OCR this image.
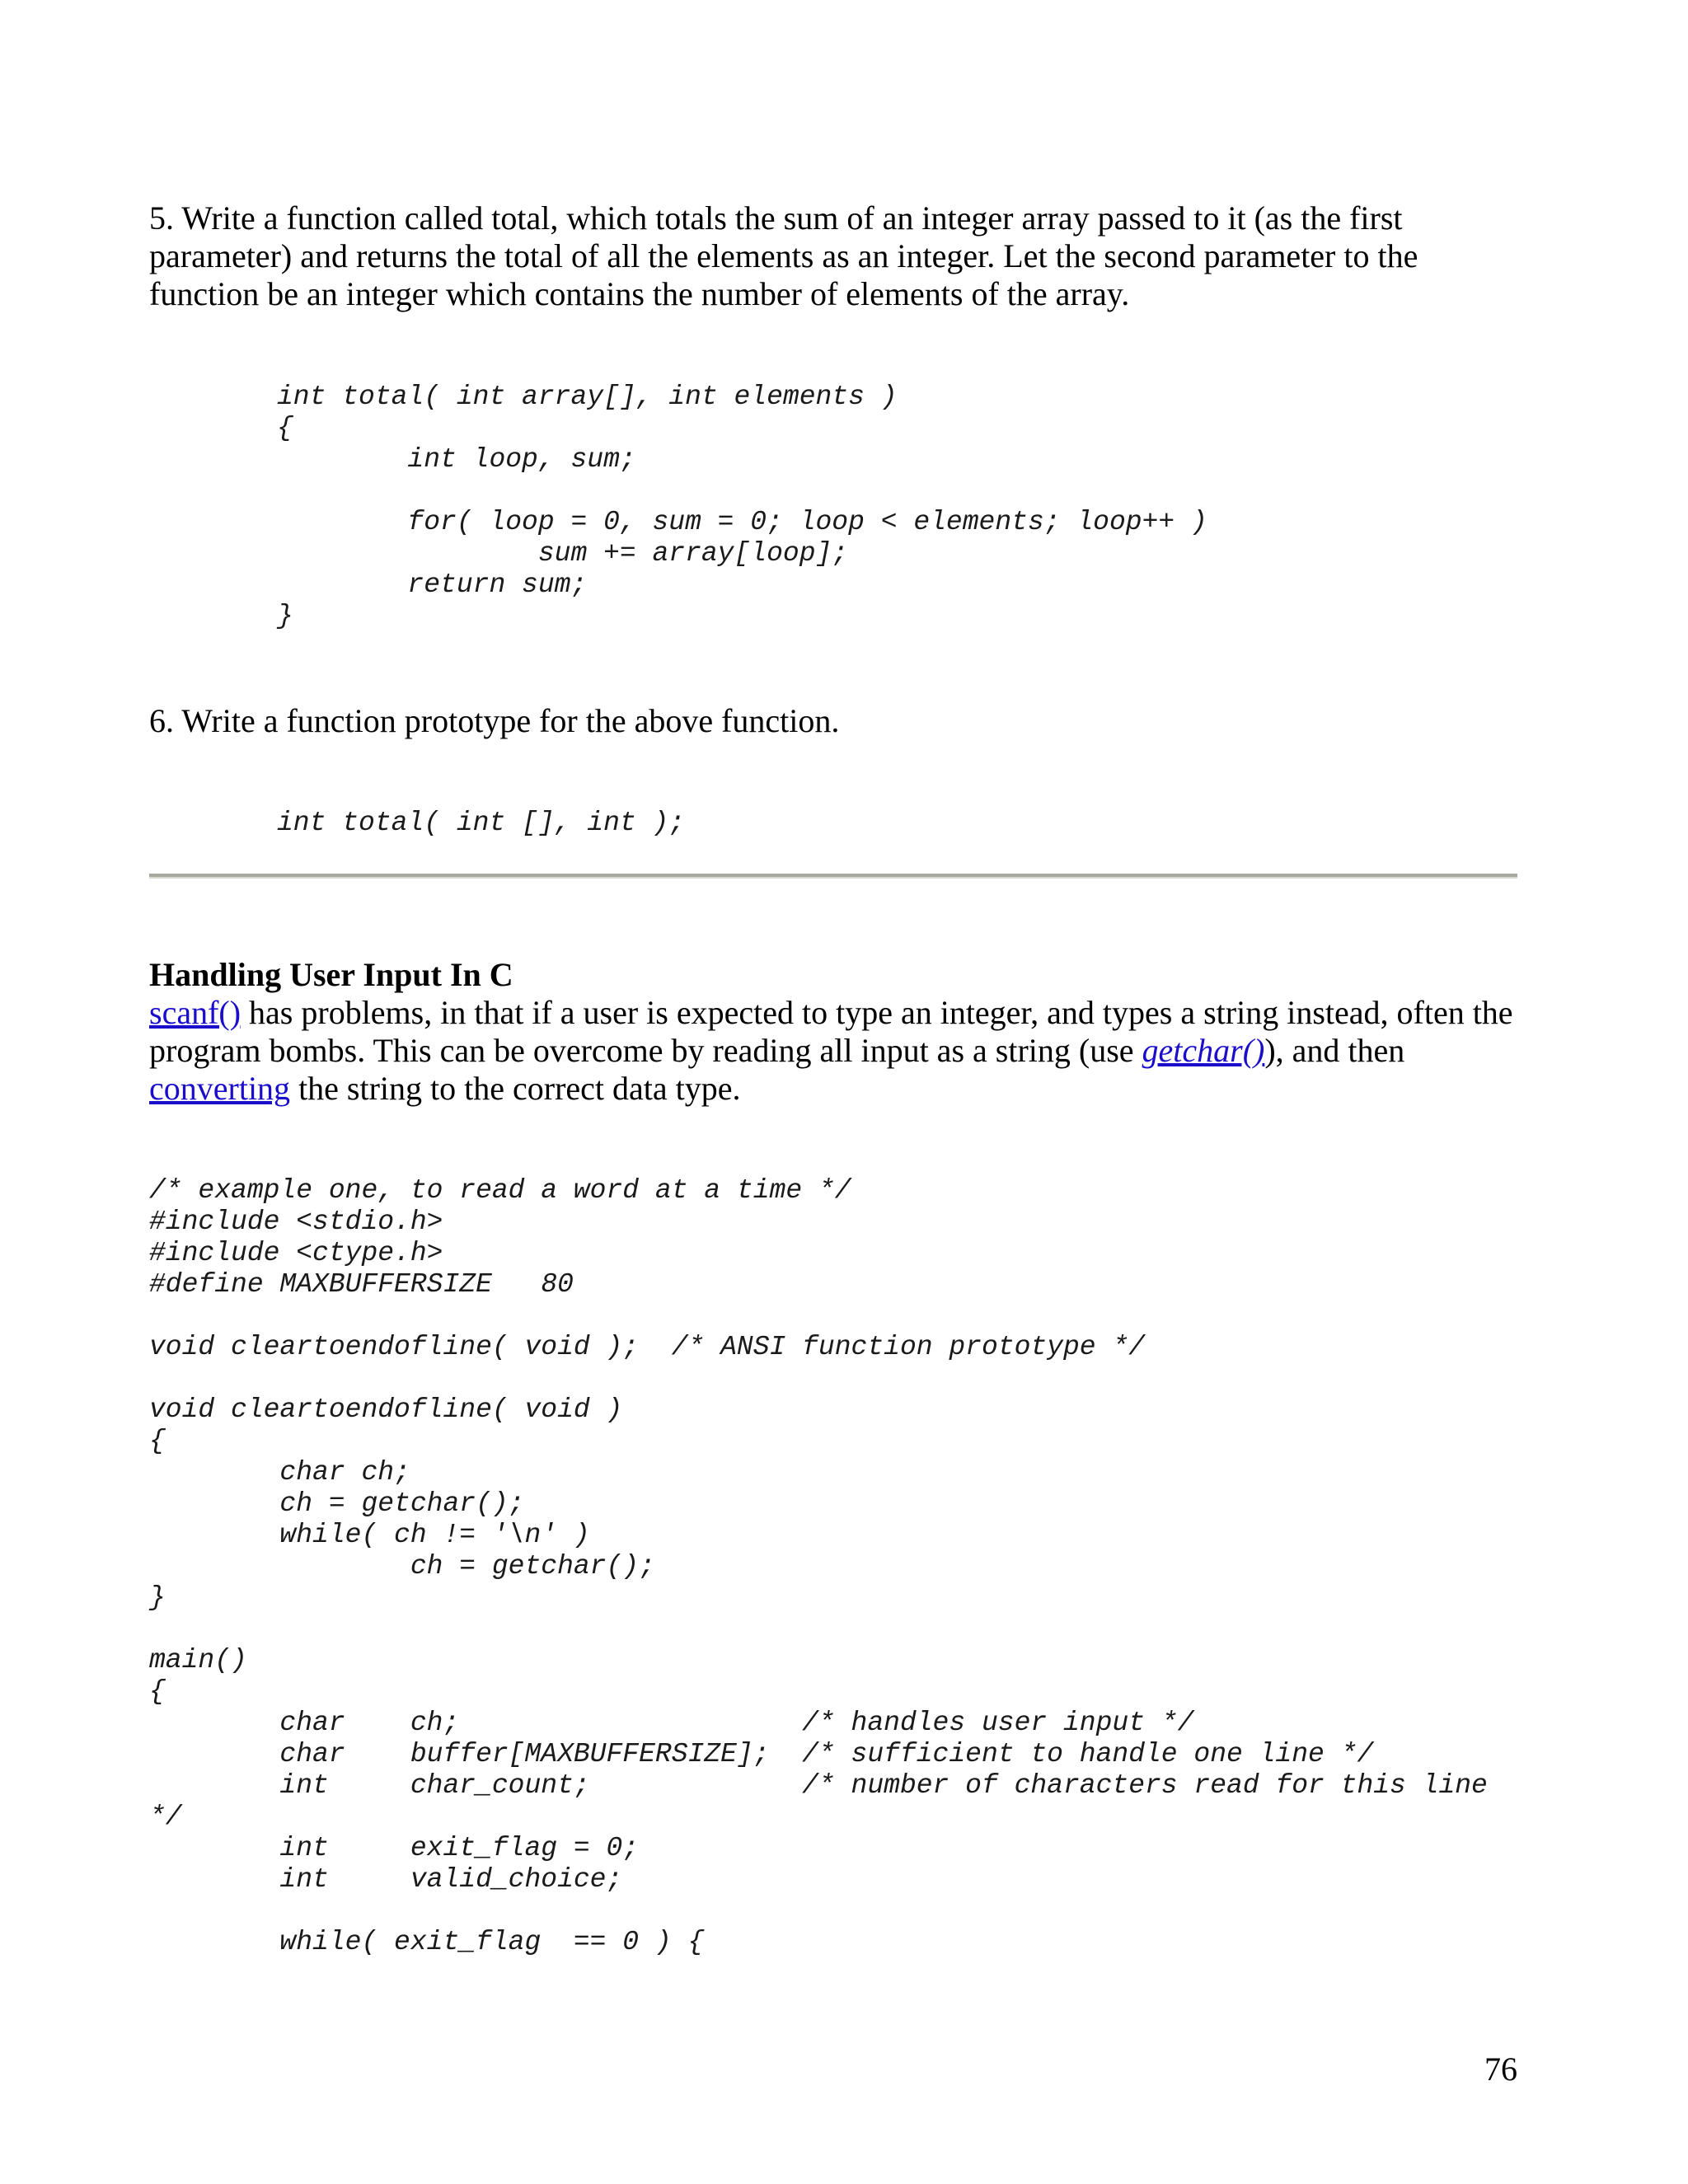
5. Write a function called total, which totals the sum of an integer array passed to it (as the first parameter) and returns the total of all the elements as an integer. Let the second parameter to the function be an integer which contains the number of elements of the array.

int total( int array[], int elements )
{
int loop, sum;

for( loop = 0, sum = 0; loop < elements; loop++ )
sum += array[loop];
return sum;
}

6. Write a function prototype for the above function.

int total( int [], int );
Handling User Input In C

scanf() has problems, in that if a user is expected to type an integer, and types a string instead, often the program bombs. This can be overcome by reading all input as a string (use getchar()), and then converting the string to the correct data type.

/* example one, to read a word at a time */
#include <stdio.h>
#include <ctype.h>
#define MAXBUFFERSIZE   80

void cleartoendofline( void );  /* ANSI function prototype */

void cleartoendofline( void )
{
char ch;
ch = getchar();
while( ch != '\n' )
ch = getchar();
}

main()
{
char    ch;                     /* handles user input */
char    buffer[MAXBUFFERSIZE];  /* sufficient to handle one line */
int     char_count;             /* number of characters read for this line
*/
int     exit_flag = 0;
int     valid_choice;

while( exit_flag  == 0 ) {
76
